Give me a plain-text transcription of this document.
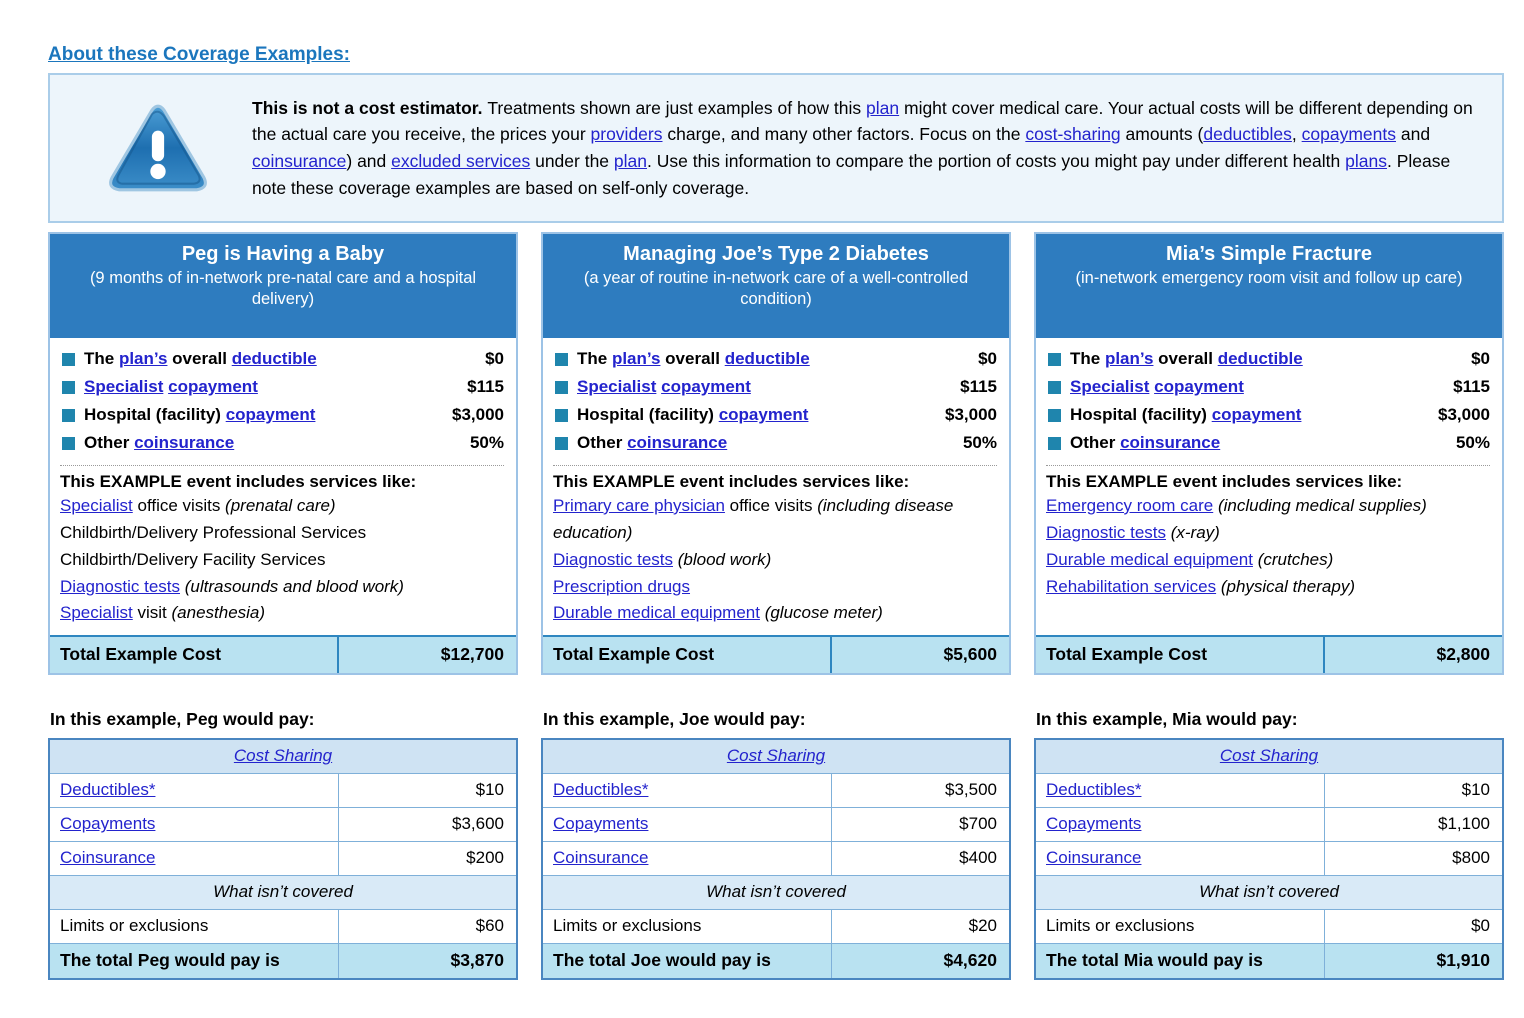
About these Coverage Examples:
This is not a cost estimator. Treatments shown are just examples of how this plan might cover medical care. Your actual costs will be different depending on the actual care you receive, the prices your providers charge, and many other factors. Focus on the cost-sharing amounts (deductibles, copayments and coinsurance) and excluded services under the plan. Use this information to compare the portion of costs you might pay under different health plans. Please note these coverage examples are based on self-only coverage.
Peg is Having a Baby
(9 months of in-network pre-natal care and a hospital delivery)
The plan’s overall deductible	$0
Specialist copayment	$115
Hospital (facility) copayment	$3,000
Other coinsurance	50%
This EXAMPLE event includes services like:
Specialist office visits (prenatal care)
Childbirth/Delivery Professional Services
Childbirth/Delivery Facility Services
Diagnostic tests (ultrasounds and blood work)
Specialist visit (anesthesia)
Total Example Cost	$12,700
Managing Joe’s Type 2 Diabetes
(a year of routine in-network care of a well-controlled condition)
The plan’s overall deductible	$0
Specialist copayment	$115
Hospital (facility) copayment	$3,000
Other coinsurance	50%
This EXAMPLE event includes services like:
Primary care physician office visits (including disease education)
Diagnostic tests (blood work)
Prescription drugs
Durable medical equipment (glucose meter)
Total Example Cost	$5,600
Mia’s Simple Fracture
(in-network emergency room visit and follow up care)
The plan’s overall deductible	$0
Specialist copayment	$115
Hospital (facility) copayment	$3,000
Other coinsurance	50%
This EXAMPLE event includes services like:
Emergency room care (including medical supplies)
Diagnostic tests (x-ray)
Durable medical equipment (crutches)
Rehabilitation services (physical therapy)
Total Example Cost	$2,800
In this example, Peg would pay:
Cost Sharing
Deductibles*	$10
Copayments	$3,600
Coinsurance	$200
What isn’t covered
Limits or exclusions	$60
The total Peg would pay is	$3,870
In this example, Joe would pay:
Cost Sharing
Deductibles*	$3,500
Copayments	$700
Coinsurance	$400
What isn’t covered
Limits or exclusions	$20
The total Joe would pay is	$4,620
In this example, Mia would pay:
Cost Sharing
Deductibles*	$10
Copayments	$1,100
Coinsurance	$800
What isn’t covered
Limits or exclusions	$0
The total Mia would pay is	$1,910
